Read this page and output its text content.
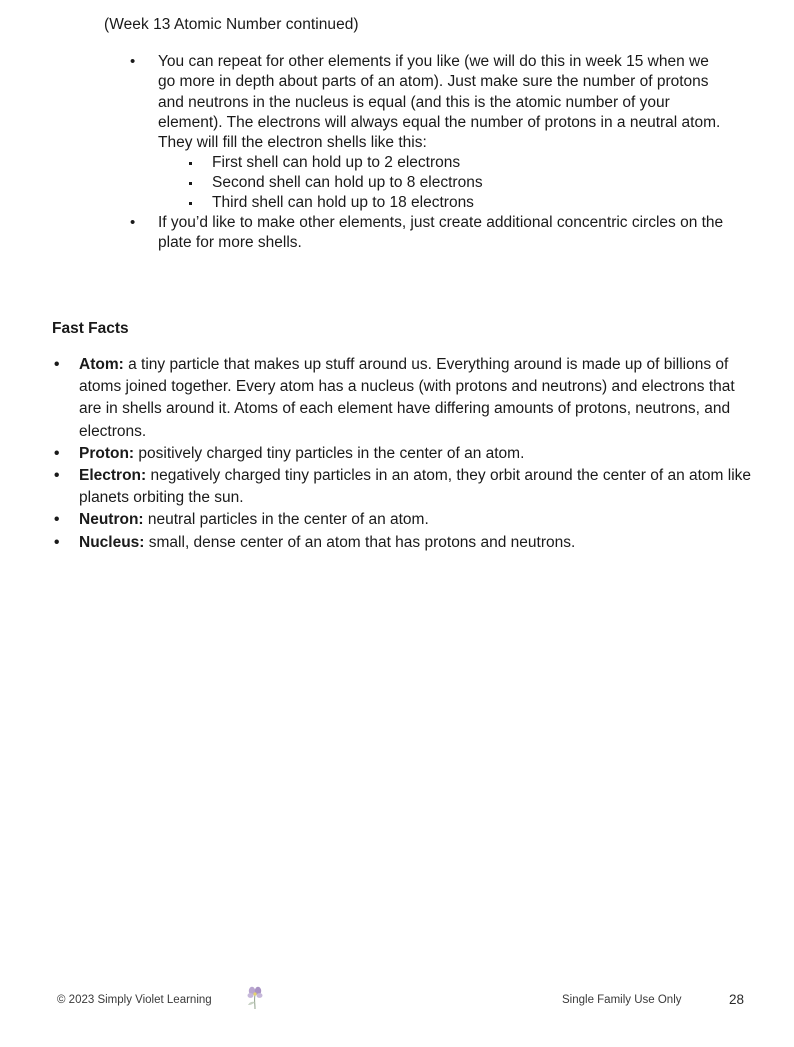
(Week 13 Atomic Number continued)
• You can repeat for other elements if you like (we will do this in week 15 when we go more in depth about parts of an atom). Just make sure the number of protons and neutrons in the nucleus is equal (and this is the atomic number of your element). The electrons will always equal the number of protons in a neutral atom. They will fill the electron shells like this:
First shell can hold up to 2 electrons
Second shell can hold up to 8 electrons
Third shell can hold up to 18 electrons
• If you’d like to make other elements, just create additional concentric circles on the plate for more shells.
Fast Facts
• Atom: a tiny particle that makes up stuff around us. Everything around is made up of billions of atoms joined together. Every atom has a nucleus (with protons and neutrons) and electrons that are in shells around it. Atoms of each element have differing amounts of protons, neutrons, and electrons.
• Proton: positively charged tiny particles in the center of an atom.
• Electron: negatively charged tiny particles in an atom, they orbit around the center of an atom like planets orbiting the sun.
• Neutron: neutral particles in the center of an atom.
• Nucleus: small, dense center of an atom that has protons and neutrons.
© 2023 Simply Violet Learning	Single Family Use Only	28
